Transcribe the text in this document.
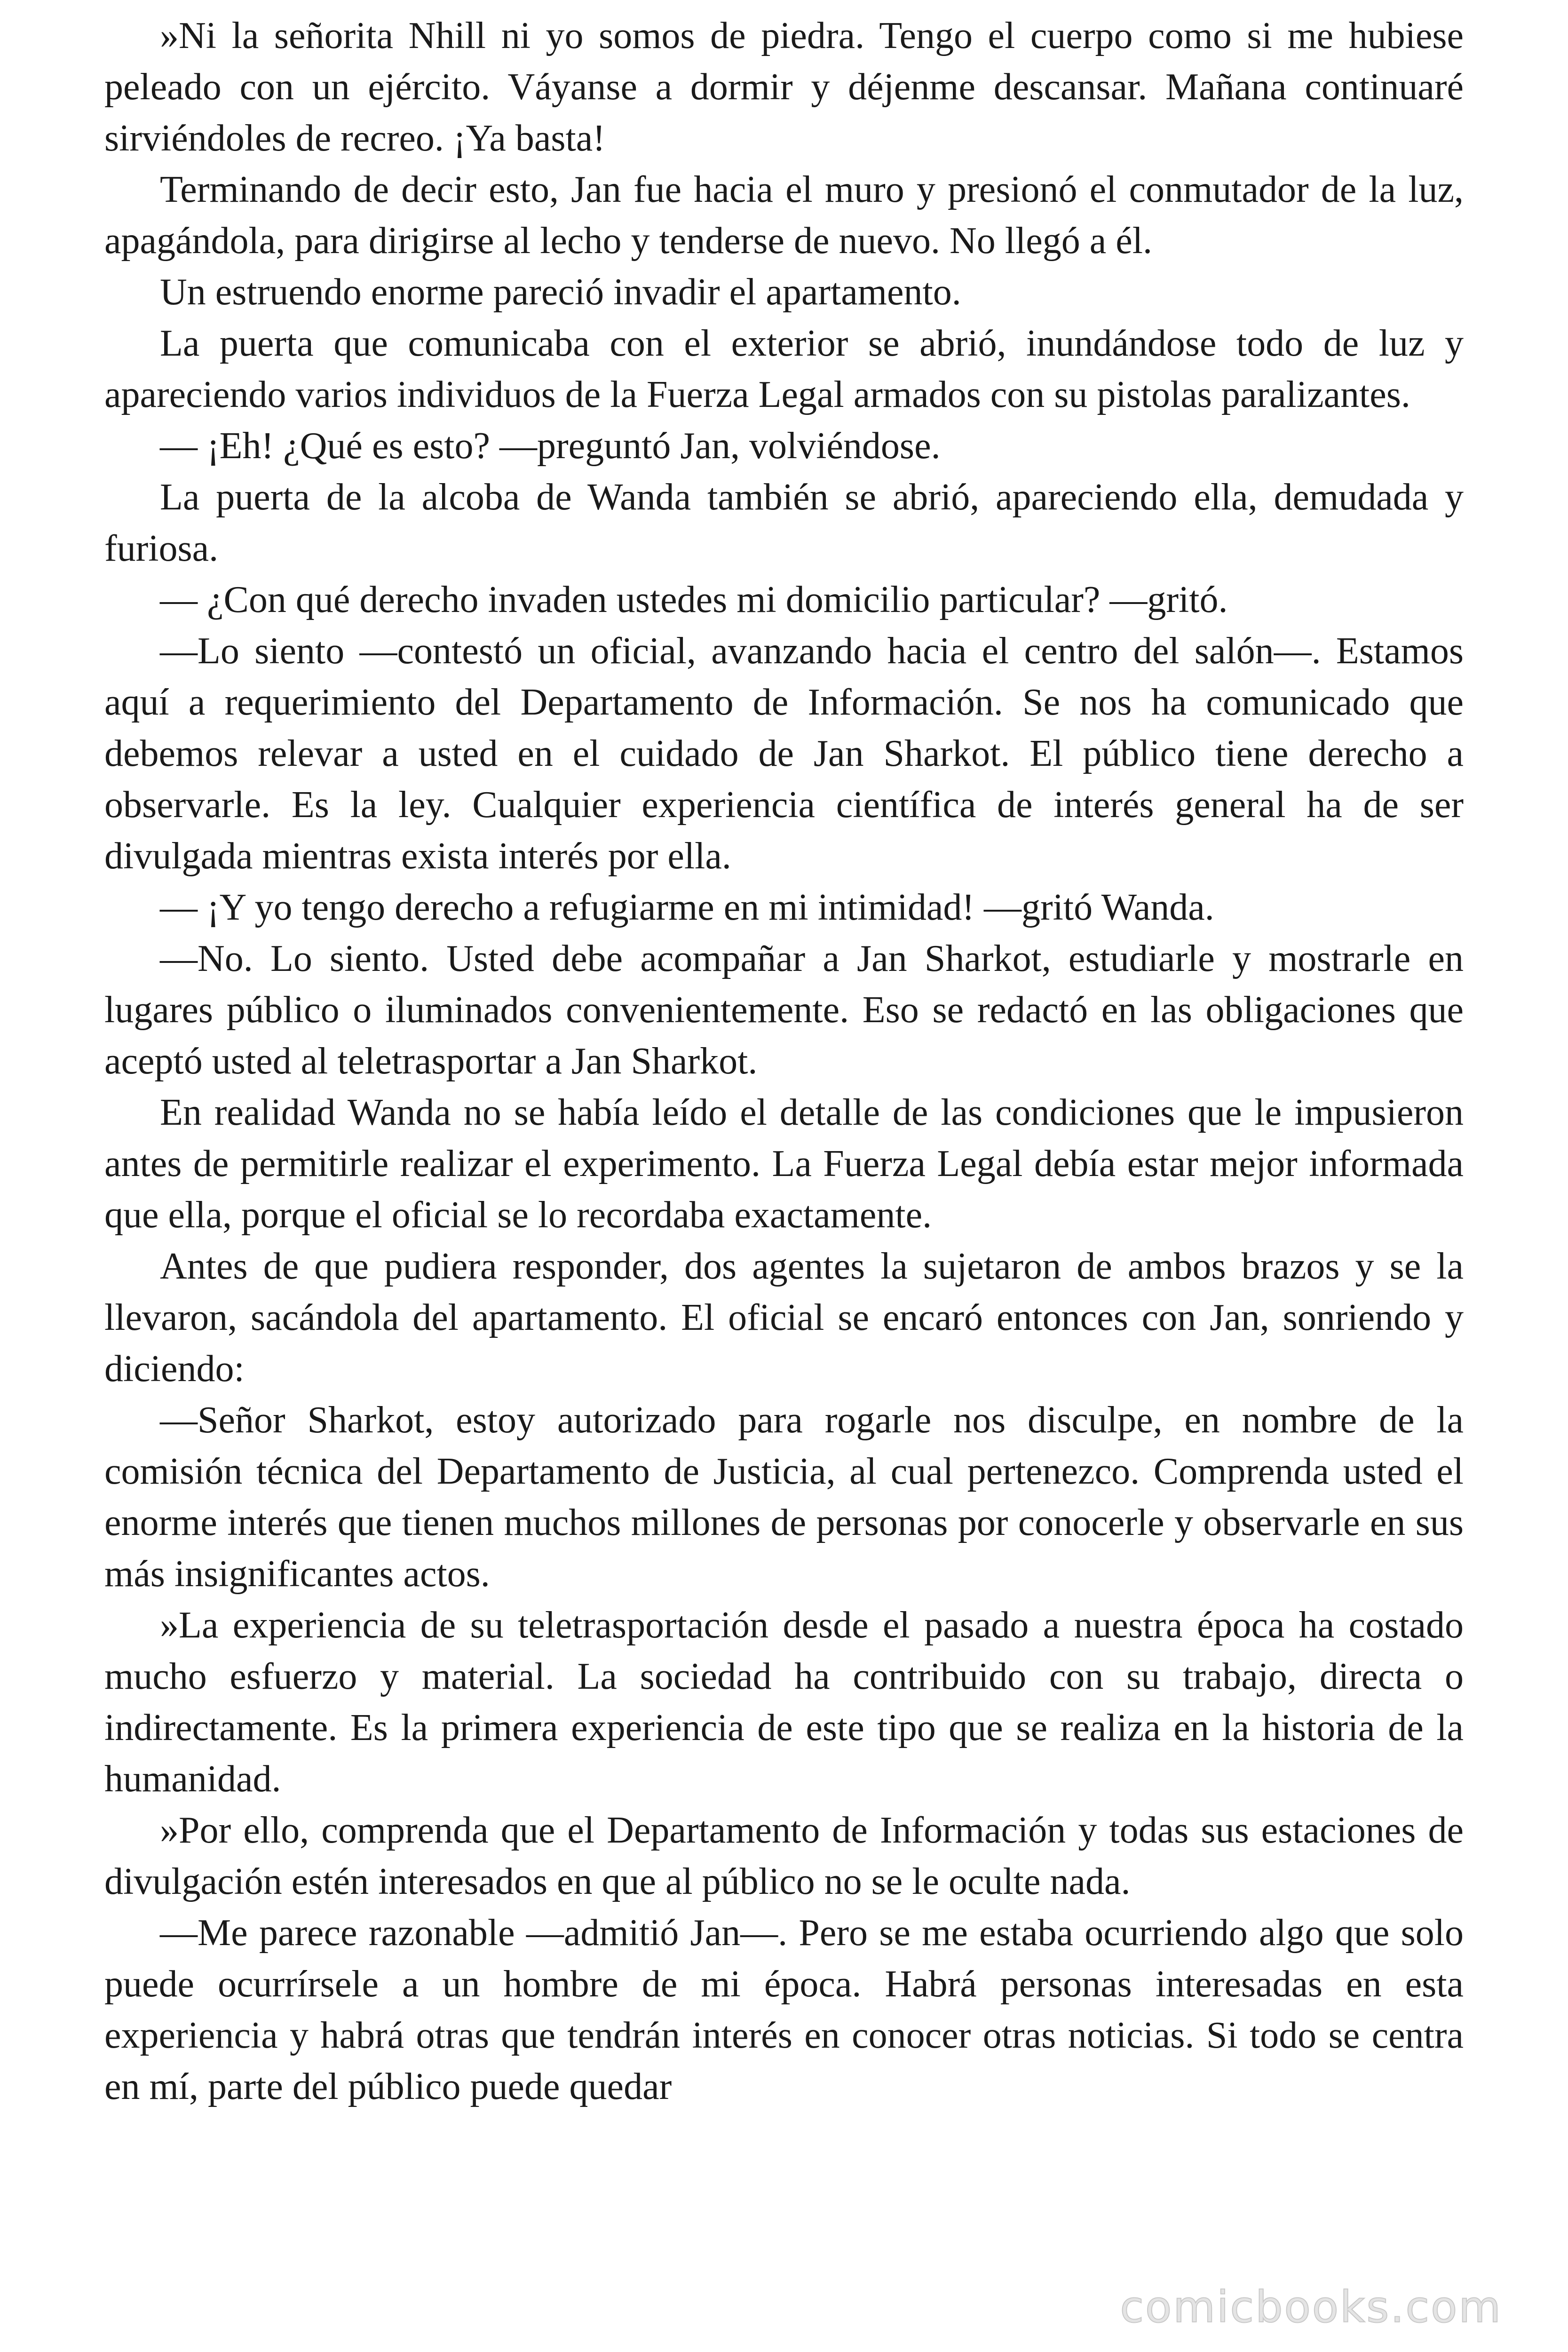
»Ni la señorita Nhill ni yo somos de piedra. Tengo el cuerpo como si me hubiese peleado con un ejército. Váyanse a dormir y déjenme descansar. Mañana continuaré sirviéndoles de recreo. ¡Ya basta!

Terminando de decir esto, Jan fue hacia el muro y presionó el conmutador de la luz, apagándola, para dirigirse al lecho y tenderse de nuevo. No llegó a él.

Un estruendo enorme pareció invadir el apartamento.

La puerta que comunicaba con el exterior se abrió, inundándose todo de luz y apareciendo varios individuos de la Fuerza Legal armados con su pistolas paralizantes.

— ¡Eh! ¿Qué es esto? —preguntó Jan, volviéndose.

La puerta de la alcoba de Wanda también se abrió, apareciendo ella, demudada y furiosa.

— ¿Con qué derecho invaden ustedes mi domicilio particular? —gritó.

—Lo siento —contestó un oficial, avanzando hacia el centro del salón—. Estamos aquí a requerimiento del Departamento de Información. Se nos ha comunicado que debemos relevar a usted en el cuidado de Jan Sharkot. El público tiene derecho a observarle. Es la ley. Cualquier experiencia científica de interés general ha de ser divulgada mientras exista interés por ella.

— ¡Y yo tengo derecho a refugiarme en mi intimidad! —gritó Wanda.

—No. Lo siento. Usted debe acompañar a Jan Sharkot, estudiarle y mostrarle en lugares público o iluminados convenientemente. Eso se redactó en las obligaciones que aceptó usted al teletrasportar a Jan Sharkot.

En realidad Wanda no se había leído el detalle de las condiciones que le impusieron antes de permitirle realizar el experimento. La Fuerza Legal debía estar mejor informada que ella, porque el oficial se lo recordaba exactamente.

Antes de que pudiera responder, dos agentes la sujetaron de ambos brazos y se la llevaron, sacándola del apartamento. El oficial se encaró entonces con Jan, sonriendo y diciendo:

—Señor Sharkot, estoy autorizado para rogarle nos disculpe, en nombre de la comisión técnica del Departamento de Justicia, al cual pertenezco. Comprenda usted el enorme interés que tienen muchos millones de personas por conocerle y observarle en sus más insignificantes actos.

»La experiencia de su teletrasportación desde el pasado a nuestra época ha costado mucho esfuerzo y material. La sociedad ha contribuido con su trabajo, directa o indirectamente. Es la primera experiencia de este tipo que se realiza en la historia de la humanidad.

»Por ello, comprenda que el Departamento de Información y todas sus estaciones de divulgación estén interesados en que al público no se le oculte nada.

—Me parece razonable —admitió Jan—. Pero se me estaba ocurriendo algo que solo puede ocurrírsele a un hombre de mi época. Habrá personas interesadas en esta experiencia y habrá otras que tendrán interés en conocer otras noticias. Si todo se centra en mí, parte del público puede quedar

comicbooks.com
